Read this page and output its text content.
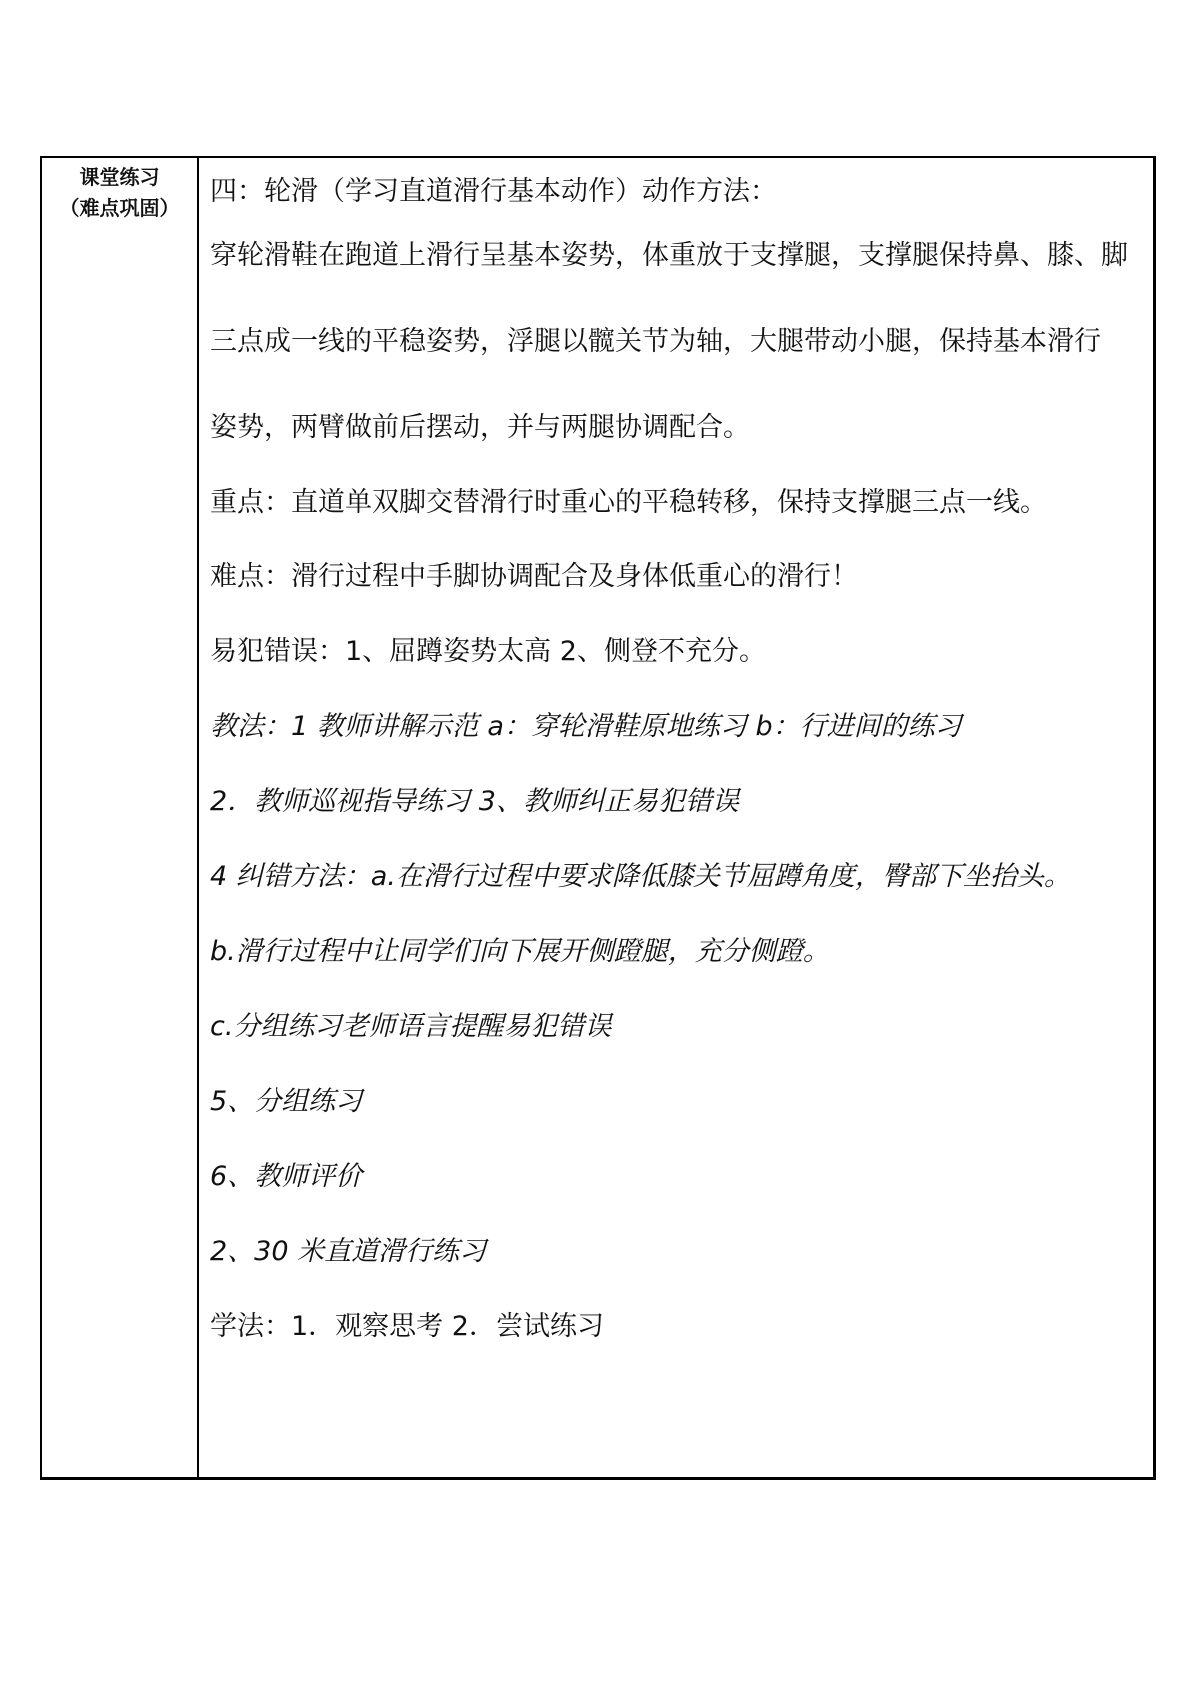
课堂练习
（难点巩固）
四：轮滑（学习直道滑行基本动作）动作方法：
穿轮滑鞋在跑道上滑行呈基本姿势，体重放于支撑腿，支撑腿保持鼻、膝、脚
三点成一线的平稳姿势，浮腿以髋关节为轴，大腿带动小腿，保持基本滑行
姿势，两臂做前后摆动，并与两腿协调配合。
重点：直道单双脚交替滑行时重心的平稳转移，保持支撑腿三点一线。
难点：滑行过程中手脚协调配合及身体低重心的滑行！
易犯错误：1、屈蹲姿势太高 2、侧登不充分。
教法：1 教师讲解示范 a：穿轮滑鞋原地练习 b：行进间的练习
2．教师巡视指导练习 3、教师纠正易犯错误
4 纠错方法：a.在滑行过程中要求降低膝关节屈蹲角度，臀部下坐抬头。
b.滑行过程中让同学们向下展开侧蹬腿，充分侧蹬。
c.分组练习老师语言提醒易犯错误
5、分组练习
6、教师评价
2、30 米直道滑行练习
学法：1．观察思考 2．尝试练习
